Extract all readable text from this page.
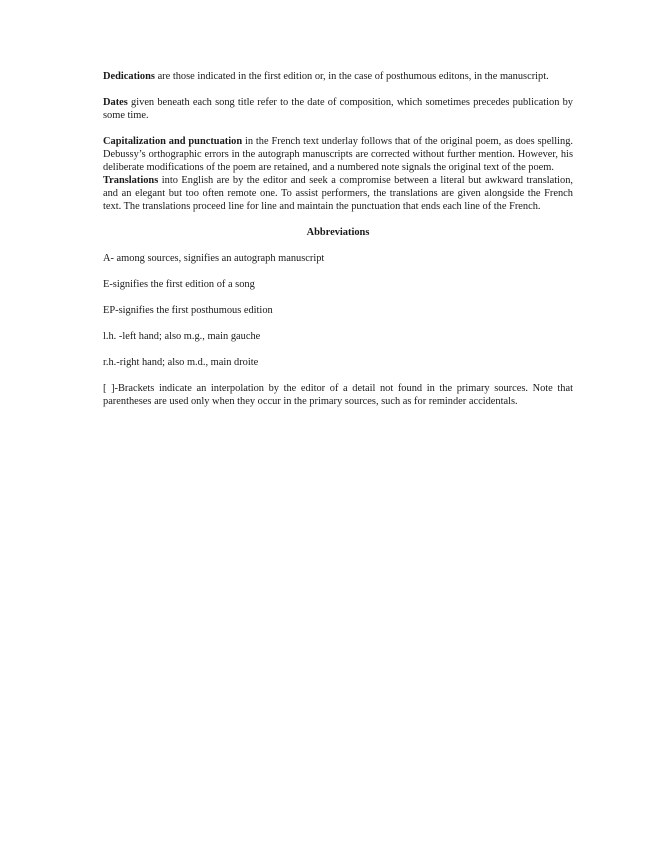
Dedications are those indicated in the first edition or, in the case of posthumous editons, in the manuscript.

Dates given beneath each song title refer to the date of composition, which sometimes precedes publication by some time.

Capitalization and punctuation in the French text underlay follows that of the original poem, as does spelling. Debussy’s orthographic errors in the autograph manuscripts are corrected without further mention. However, his deliberate modifications of the poem are retained, and a numbered note signals the original text of the poem.

Translations into English are by the editor and seek a compromise between a literal but awkward translation, and an elegant but too often remote one. To assist performers, the translations are given alongside the French text. The translations proceed line for line and maintain the punctuation that ends each line of the French.

Abbreviations

A- among sources, signifies an autograph manuscript

E-signifies the first edition of a song

EP-signifies the first posthumous edition

l.h. -left hand; also m.g., main gauche

r.h.-right hand; also m.d., main droite

[ ]-Brackets indicate an interpolation by the editor of a detail not found in the primary sources. Note that parentheses are used only when they occur in the primary sources, such as for reminder accidentals.
